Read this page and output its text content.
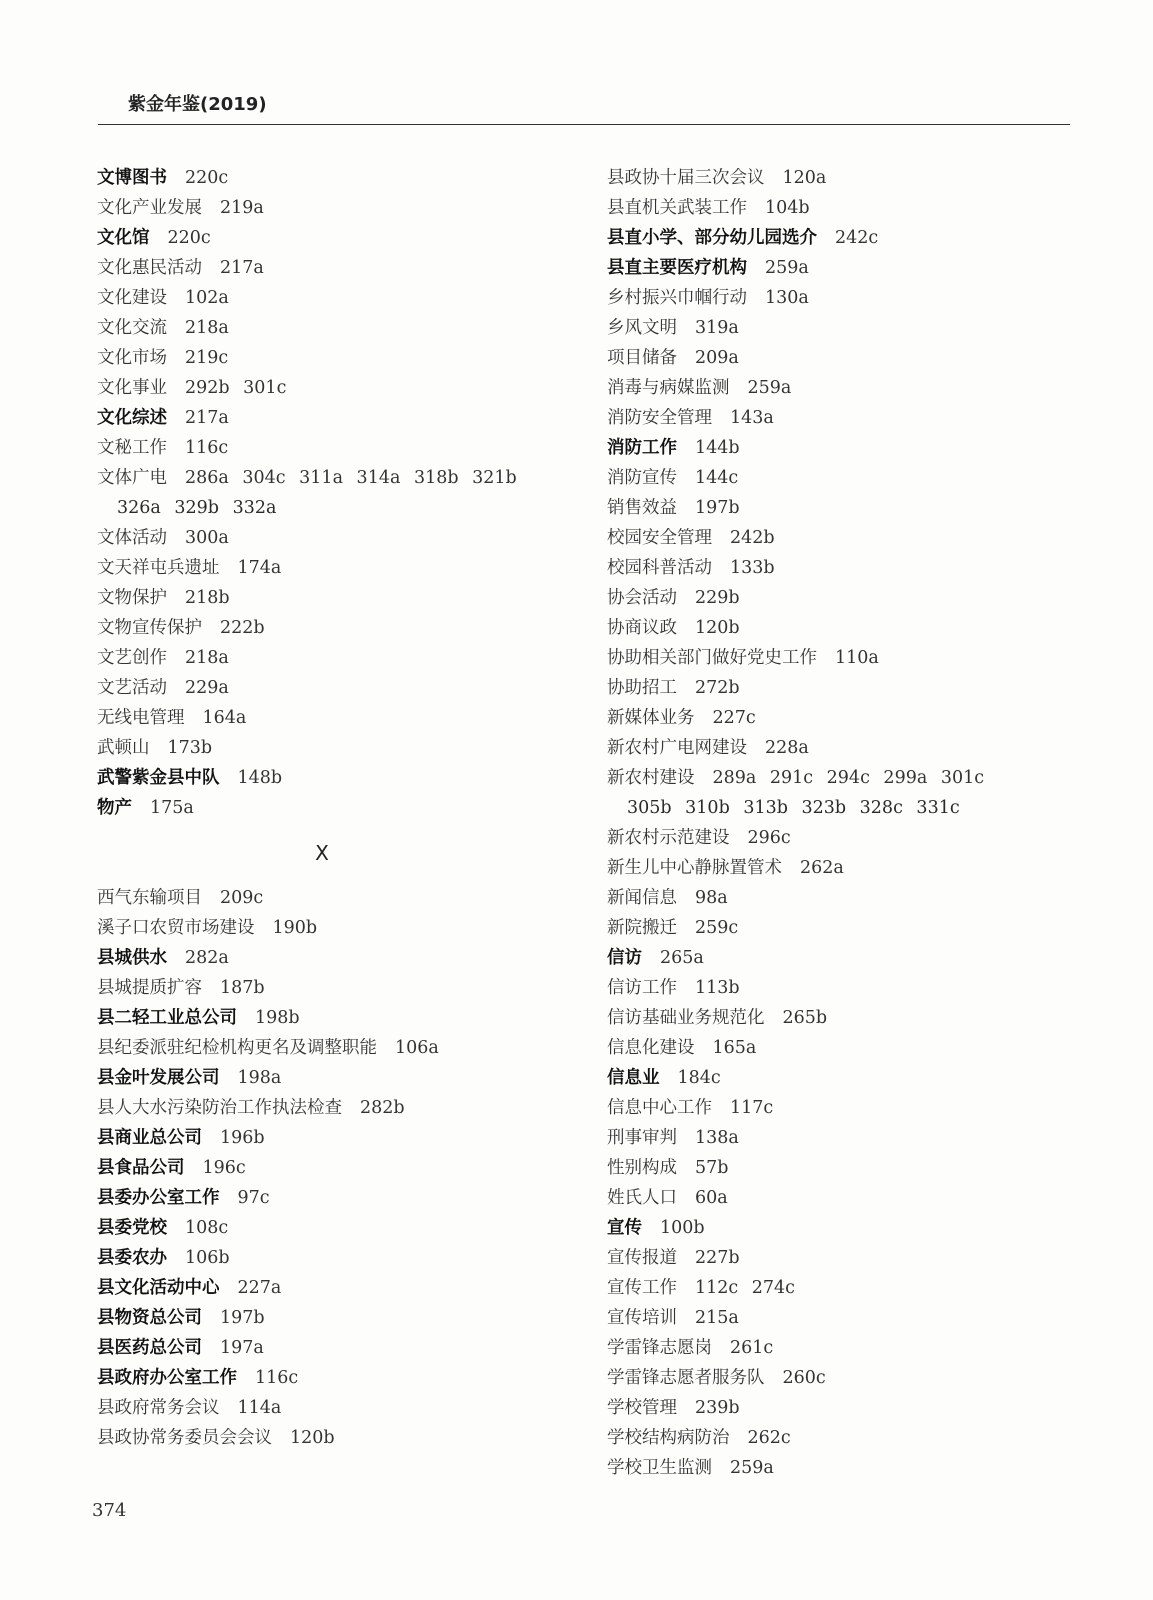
紫金年鉴(2019)
文博图书 220c
文化产业发展 219a
文化馆 220c
文化惠民活动 217a
文化建设 102a
文化交流 218a
文化市场 219c
文化事业 292b 301c
文化综述 217a
文秘工作 116c
文体广电 286a 304c 311a 314a 318b 321b
326a 329b 332a
文体活动 300a
文天祥屯兵遗址 174a
文物保护 218b
文物宣传保护 222b
文艺创作 218a
文艺活动 229a
无线电管理 164a
武顿山 173b
武警紫金县中队 148b
物产 175a
X
西气东输项目 209c
溪子口农贸市场建设 190b
县城供水 282a
县城提质扩容 187b
县二轻工业总公司 198b
县纪委派驻纪检机构更名及调整职能 106a
县金叶发展公司 198a
县人大水污染防治工作执法检查 282b
县商业总公司 196b
县食品公司 196c
县委办公室工作 97c
县委党校 108c
县委农办 106b
县文化活动中心 227a
县物资总公司 197b
县医药总公司 197a
县政府办公室工作 116c
县政府常务会议 114a
县政协常务委员会会议 120b
县政协十届三次会议 120a
县直机关武装工作 104b
县直小学、部分幼儿园选介 242c
县直主要医疗机构 259a
乡村振兴巾帼行动 130a
乡风文明 319a
项目储备 209a
消毒与病媒监测 259a
消防安全管理 143a
消防工作 144b
消防宣传 144c
销售效益 197b
校园安全管理 242b
校园科普活动 133b
协会活动 229b
协商议政 120b
协助相关部门做好党史工作 110a
协助招工 272b
新媒体业务 227c
新农村广电网建设 228a
新农村建设 289a 291c 294c 299a 301c
305b 310b 313b 323b 328c 331c
新农村示范建设 296c
新生儿中心静脉置管术 262a
新闻信息 98a
新院搬迁 259c
信访 265a
信访工作 113b
信访基础业务规范化 265b
信息化建设 165a
信息业 184c
信息中心工作 117c
刑事审判 138a
性别构成 57b
姓氏人口 60a
宣传 100b
宣传报道 227b
宣传工作 112c 274c
宣传培训 215a
学雷锋志愿岗 261c
学雷锋志愿者服务队 260c
学校管理 239b
学校结构病防治 262c
学校卫生监测 259a
374
